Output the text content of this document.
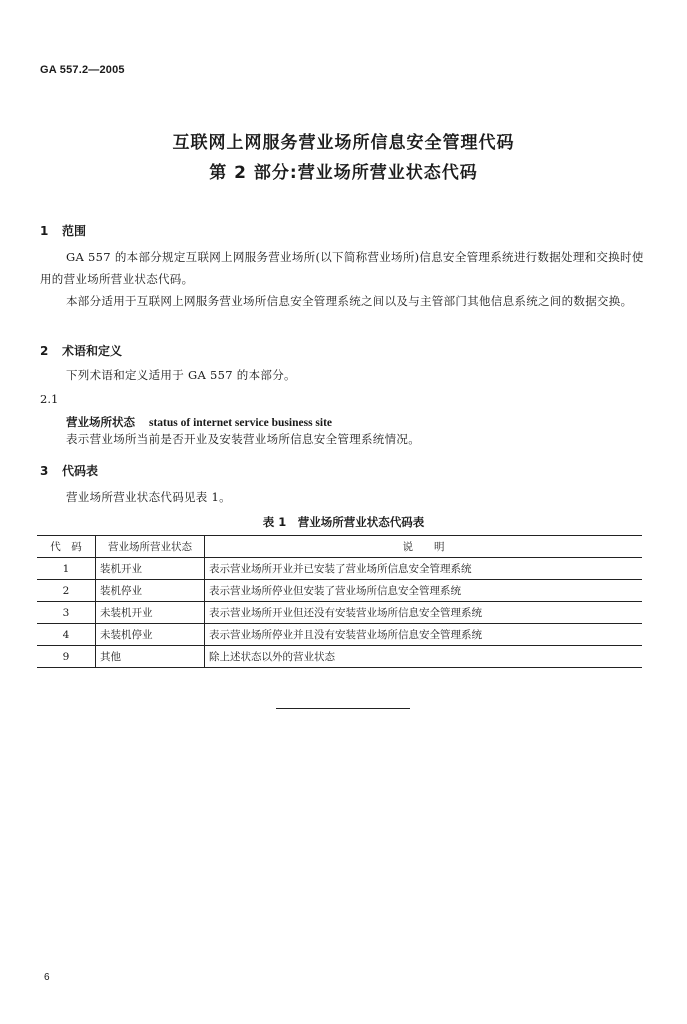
GA 557.2—2005
互联网上网服务营业场所信息安全管理代码
第 2 部分:营业场所营业状态代码
1 范围
GA 557 的本部分规定互联网上网服务营业场所(以下简称营业场所)信息安全管理系统进行数据处理和交换时使用的营业场所营业状态代码。
本部分适用于互联网上网服务营业场所信息安全管理系统之间以及与主管部门其他信息系统之间的数据交换。
2 术语和定义
下列术语和定义适用于 GA 557 的本部分。
2.1
营业场所状态 status of internet service business site
表示营业场所当前是否开业及安装营业场所信息安全管理系统情况。
3 代码表
营业场所营业状态代码见表 1。
表 1　营业场所营业状态代码表
代　码	营业场所营业状态	说　　明
1	装机开业	表示营业场所开业并已安装了营业场所信息安全管理系统
2	装机停业	表示营业场所停业但安装了营业场所信息安全管理系统
3	未装机开业	表示营业场所开业但还没有安装营业场所信息安全管理系统
4	未装机停业	表示营业场所停业并且没有安装营业场所信息安全管理系统
9	其他	除上述状态以外的营业状态
6
